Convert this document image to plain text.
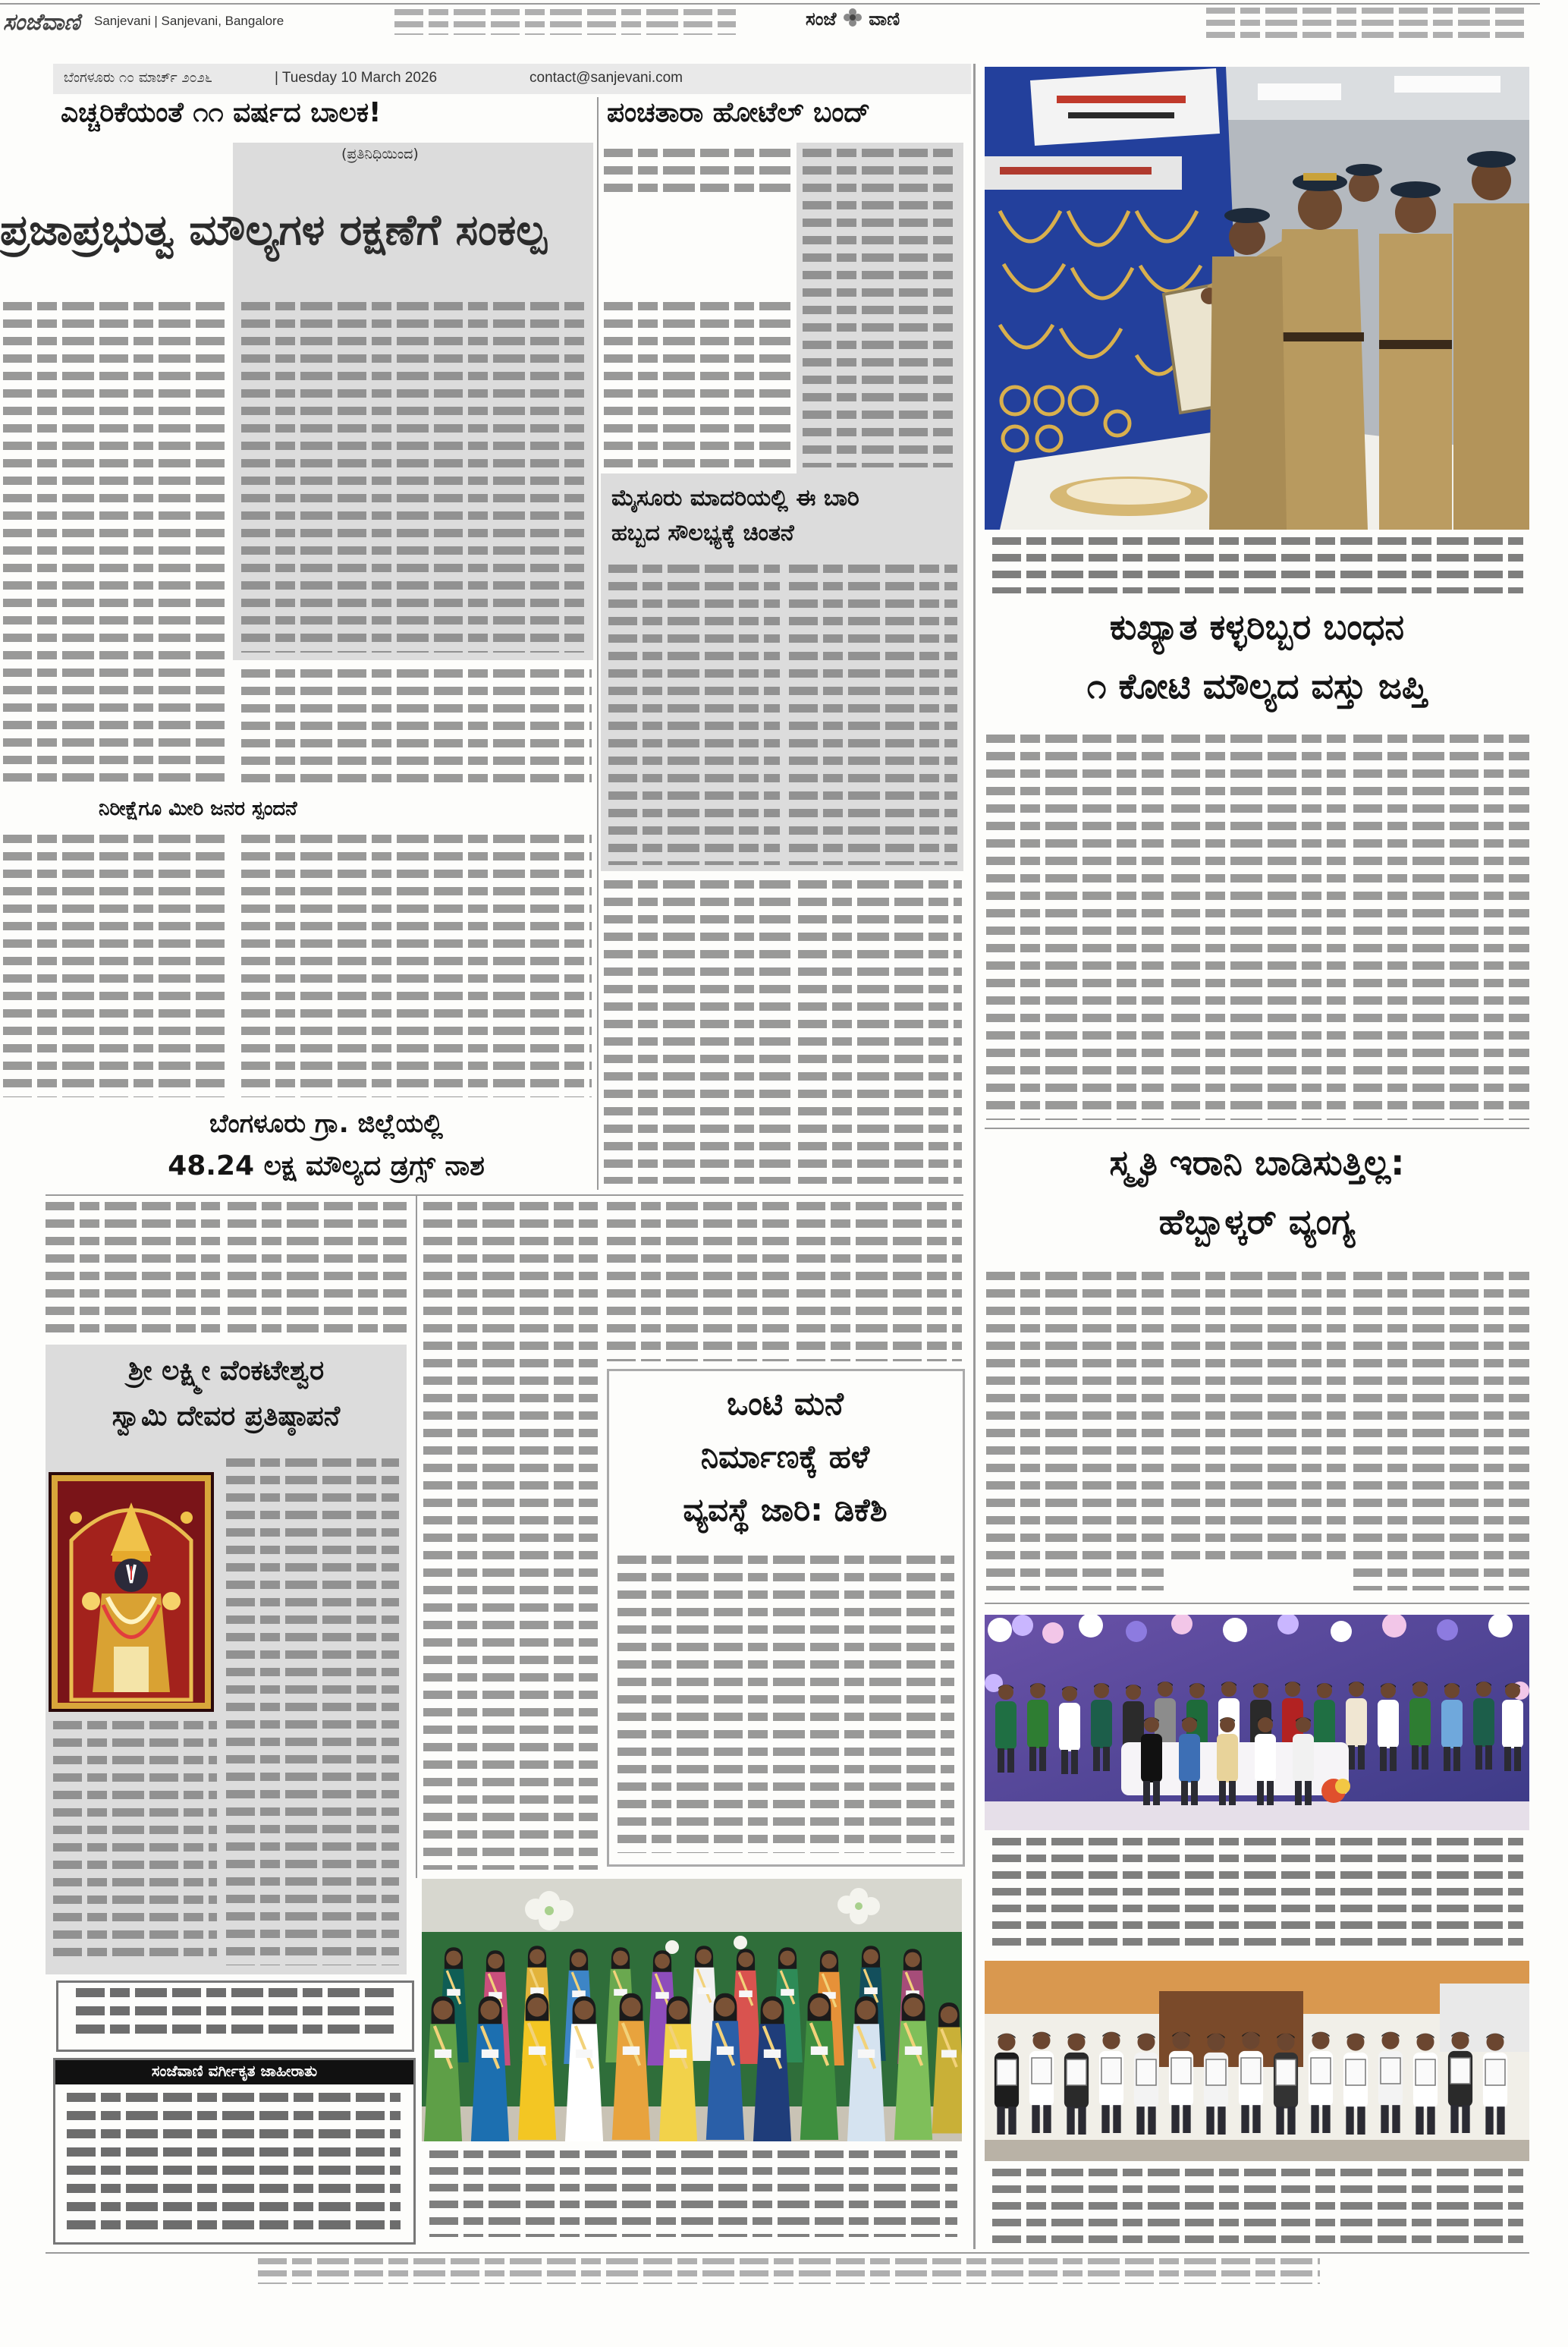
ಸಂಜೆವಾಣಿ Sanjevani | Sanjevani, Bangalore	ಸಂಜೆ ವಾಣಿ
ಬೆಂಗಳೂರು ೧೦ ಮಾರ್ಚ್ ೨೦೨೬	| Tuesday 10 March 2026	contact@sanjevani.com
ಎಚ್ಚರಿಕೆಯಂತೆ ೧೧ ವರ್ಷದ ಬಾಲಕ!	ಪಂಚತಾರಾ ಹೋಟೆಲ್ ಬಂದ್
(ಪ್ರತಿನಿಧಿಯಿಂದ)
ಪ್ರಜಾಪ್ರಭುತ್ವ ಮೌಲ್ಯಗಳ ರಕ್ಷಣೆಗೆ ಸಂಕಲ್ಪ
ನಿರೀಕ್ಷೆಗೂ ಮೀರಿ ಜನರ ಸ್ಪಂದನೆ
ಮೈಸೂರು ಮಾದರಿಯಲ್ಲಿ ಈ ಬಾರಿ
ಹಬ್ಬದ ಸೌಲಭ್ಯಕ್ಕೆ ಚಿಂತನೆ
ಬೆಂಗಳೂರು ಗ್ರಾ. ಜಿಲ್ಲೆಯಲ್ಲಿ
48.24 ಲಕ್ಷ ಮೌಲ್ಯದ ಡ್ರಗ್ಸ್ ನಾಶ
ಶ್ರೀ ಲಕ್ಷ್ಮೀ ವೆಂಕಟೇಶ್ವರ
ಸ್ವಾಮಿ ದೇವರ ಪ್ರತಿಷ್ಠಾಪನೆ
ಸಂಜೆವಾಣಿ ವರ್ಗೀಕೃತ ಜಾಹೀರಾತು
ಒಂಟಿ ಮನೆ
ನಿರ್ಮಾಣಕ್ಕೆ ಹಳೆ
ವ್ಯವಸ್ಥೆ ಜಾರಿ: ಡಿಕೆಶಿ
ಕುಖ್ಯಾತ ಕಳ್ಳರಿಬ್ಬರ ಬಂಧನ
೧ ಕೋಟಿ ಮೌಲ್ಯದ ವಸ್ತು ಜಪ್ತಿ
ಸ್ಮೃತಿ ಇರಾನಿ ಬಾಡಿಸುತ್ತಿಲ್ಲ:
ಹೆಬ್ಬಾಳ್ಕರ್ ವ್ಯಂಗ್ಯ
